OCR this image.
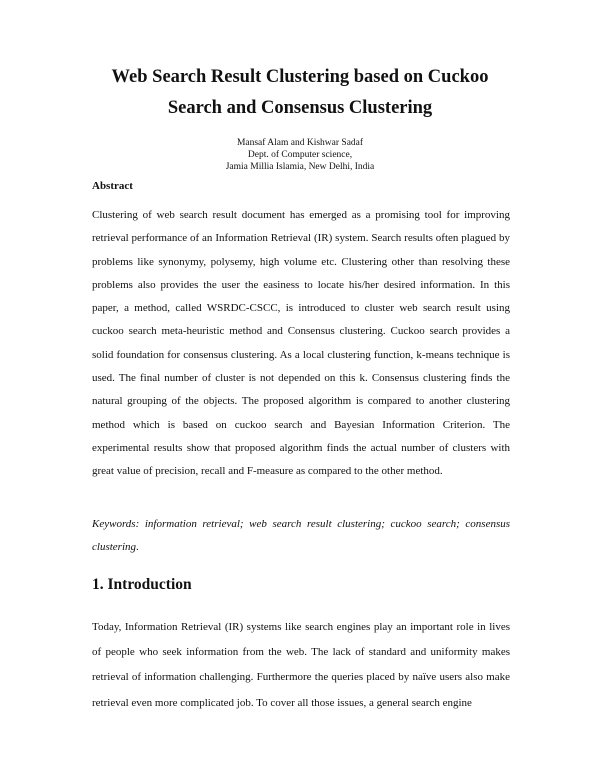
Web Search Result Clustering based on Cuckoo
Search and Consensus Clustering
Mansaf Alam and Kishwar Sadaf
Dept. of Computer science,
Jamia Millia Islamia, New Delhi, India
Abstract

Clustering of web search result document has emerged as a promising tool for improving retrieval performance of an Information Retrieval (IR) system. Search results often plagued by problems like synonymy, polysemy, high volume etc. Clustering other than resolving these problems also provides the user the easiness to locate his/her desired information. In this paper, a method, called WSRDC-CSCC, is introduced to cluster web search result using cuckoo search meta-heuristic method and Consensus clustering. Cuckoo search provides a solid foundation for consensus clustering. As a local clustering function, k-means technique is used. The final number of cluster is not depended on this k. Consensus clustering finds the natural grouping of the objects. The proposed algorithm is compared to another clustering method which is based on cuckoo search and Bayesian Information Criterion. The experimental results show that proposed algorithm finds the actual number of clusters with great value of precision, recall and F-measure as compared to the other method.

Keywords: information retrieval; web search result clustering; cuckoo search; consensus clustering.

1. Introduction

Today, Information Retrieval (IR) systems like search engines play an important role in lives of people who seek information from the web. The lack of standard and uniformity makes retrieval of information challenging. Furthermore the queries placed by naïve users also make retrieval even more complicated job. To cover all those issues, a general search engine
